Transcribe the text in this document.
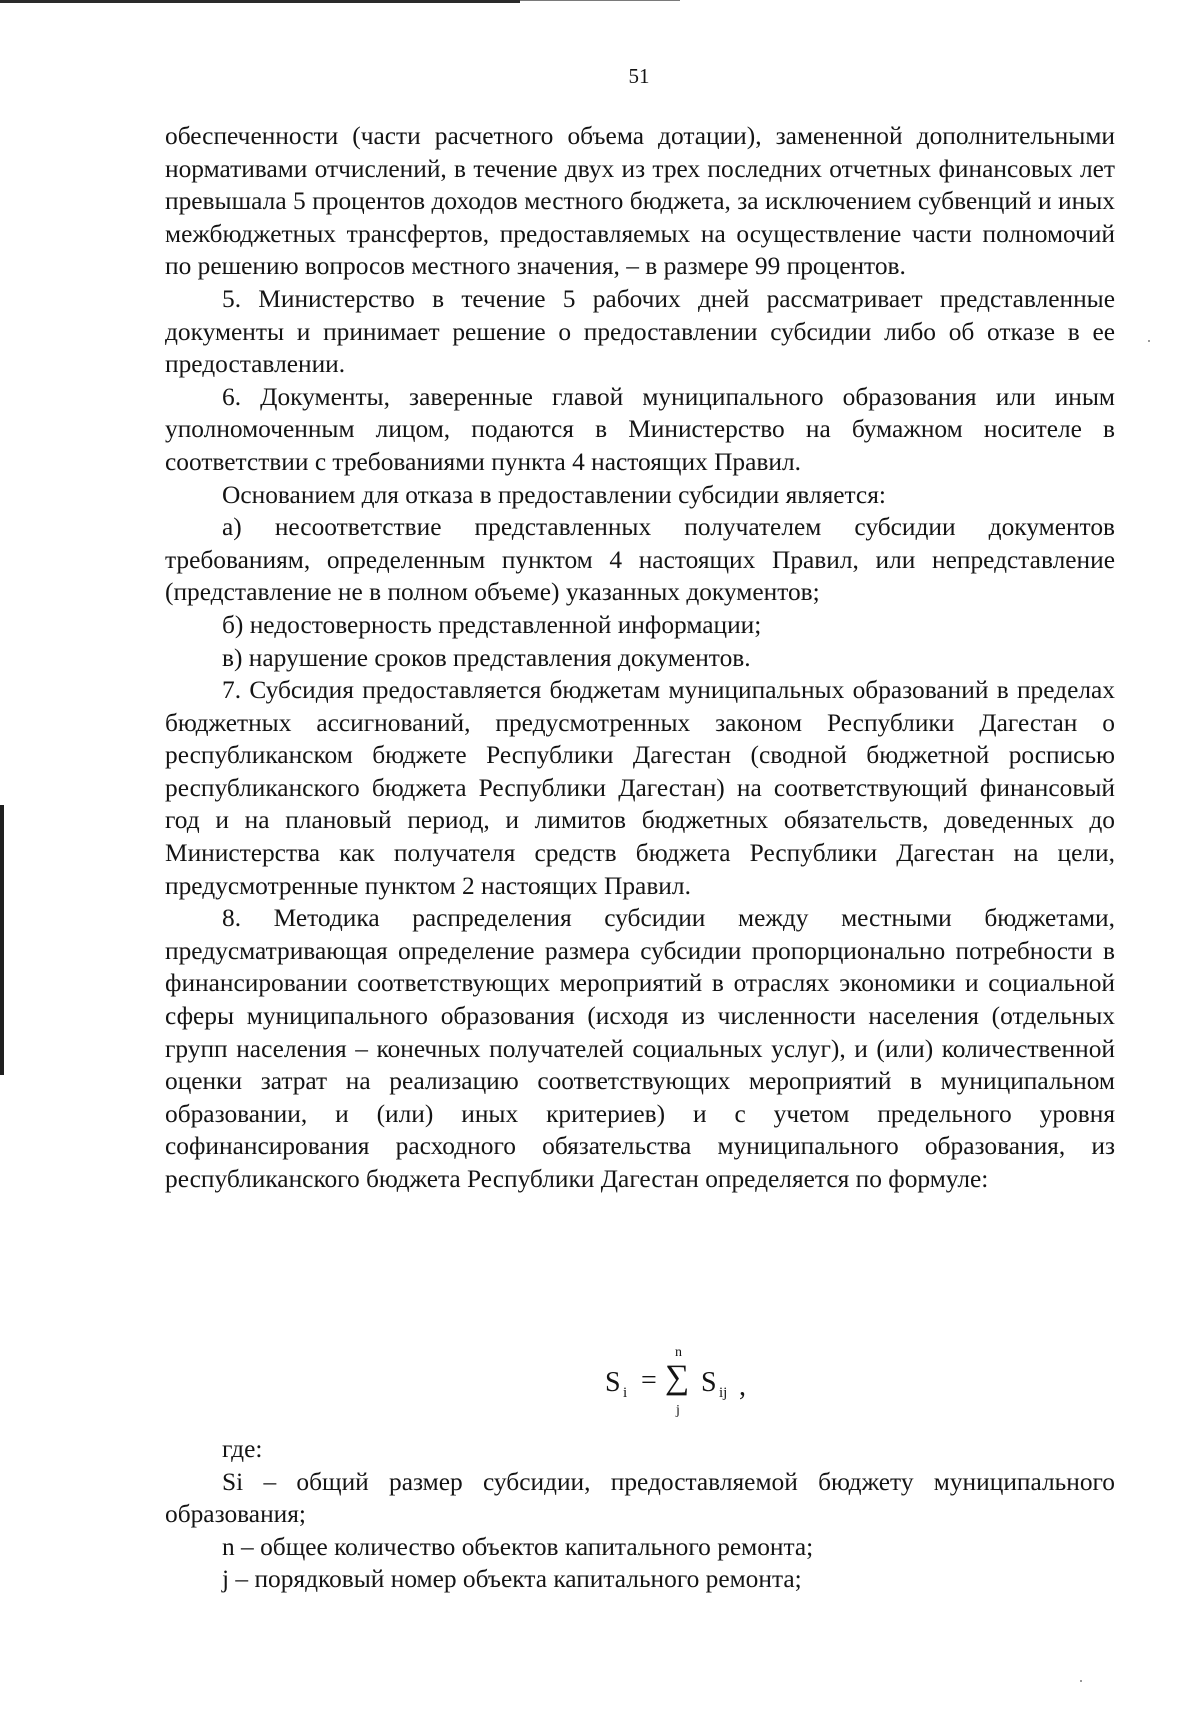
51

обеспеченности (части расчетного объема дотации), замененной дополнительными нормативами отчислений, в течение двух из трех последних отчетных финансовых лет превышала 5 процентов доходов местного бюджета, за исключением субвенций и иных межбюджетных трансфертов, предоставляемых на осуществление части полномочий по решению вопросов местного значения, – в размере 99 процентов.

5. Министерство в течение 5 рабочих дней рассматривает представленные документы и принимает решение о предоставлении субсидии либо об отказе в ее предоставлении.

6. Документы, заверенные главой муниципального образования или иным уполномоченным лицом, подаются в Министерство на бумажном носителе в соответствии с требованиями пункта 4 настоящих Правил.

Основанием для отказа в предоставлении субсидии является:

а) несоответствие представленных получателем субсидии документов требованиям, определенным пунктом 4 настоящих Правил, или непредставление (представление не в полном объеме) указанных документов;

б) недостоверность представленной информации;

в) нарушение сроков представления документов.

7. Субсидия предоставляется бюджетам муниципальных образований в пределах бюджетных ассигнований, предусмотренных законом Республики Дагестан о республиканском бюджете Республики Дагестан (сводной бюджетной росписью республиканского бюджета Республики Дагестан) на соответствующий финансовый год и на плановый период, и лимитов бюджетных обязательств, доведенных до Министерства как получателя средств бюджета Республики Дагестан на цели, предусмотренные пунктом 2 настоящих Правил.

8. Методика распределения субсидии между местными бюджетами, предусматривающая определение размера субсидии пропорционально потребности в финансировании соответствующих мероприятий в отраслях экономики и социальной сферы муниципального образования (исходя из численности населения (отдельных групп населения – конечных получателей социальных услуг), и (или) количественной оценки затрат на реализацию соответствующих мероприятий в муниципальном образовании, и (или) иных критериев) и с учетом предельного уровня софинансирования расходного обязательства муниципального образования, из республиканского бюджета Республики Дагестан определяется по формуле:

S i =
n
∑
j
S ij ,

где:

Si – общий размер субсидии, предоставляемой бюджету муниципального образования;

n – общее количество объектов капитального ремонта;

j – порядковый номер объекта капитального ремонта;
